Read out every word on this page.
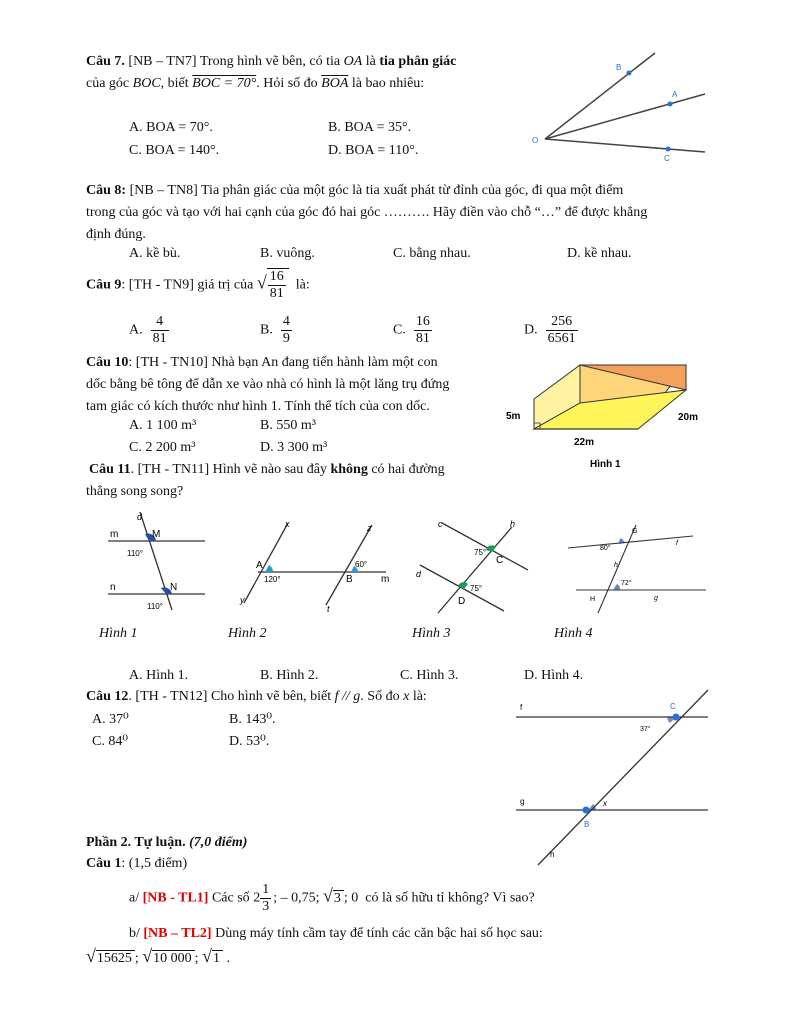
Câu 7. [NB – TN7] Trong hình vẽ bên, có tia OA là tia phân giác
của góc BOC, biết BOC = 70°. Hỏi số đo $\overline{BOA}$ là bao nhiêu:
A. BOA = 70°.	B. BOA = 35°.
C. BOA = 140°.	D. BOA = 110°.
B
A
O
C
Câu 8: [NB – TN8] Tia phân giác của một góc là tia xuất phát từ đỉnh của góc, đi qua một điểm
trong của góc và tạo với hai cạnh của góc đó hai góc ………. Hãy điền vào chỗ “…” để được khẳng
định đúng.
A. kề bù.	B. vuông.	C. bằng nhau.	D. kề nhau.
Câu 9: [TH - TN9] giá trị của √ $\frac{16}{81}$ là:
A. $\frac{4}{81}$	B. $\frac{4}{9}$	C. $\frac{16}{81}$	D. $\frac{256}{6561}$
Câu 10: [TH - TN10] Nhà bạn An đang tiến hành làm một con
dốc bằng bê tông để dẫn xe vào nhà có hình là một lăng trụ đứng
tam giác có kích thước như hình 1. Tính thể tích của con dốc.
A. 1 100 m³	B. 550 m³
C. 2 200 m³	D. 3 300 m³
5m	20m
22m
Hình 1
Câu 11. [TH - TN11] Hình vẽ nào sau đây không có hai đường
thẳng song song?
d
m	M
110°
n	N
110°
Hình 1
x	z
A	60°
120°	B	m
y
t
Hình 2
c	h
75°
C
d
75°
D
Hình 3
G
80°
f
h
72°
H	g
Hình 4
A. Hình 1.	B. Hình 2.	C. Hình 3.	D. Hình 4.
Câu 12. [TH - TN12] Cho hình vẽ bên, biết f // g. Số đo x là:
A. 37⁰	B. 143⁰.
C. 84⁰	D. 53⁰.
f	C
37°
g	x
B
h
Phần 2. Tự luận. (7,0 điểm)
Câu 1: (1,5 điểm)
a/ [NB - TL1] Các số $2 \frac{1}{3}$ ; – 0,75; √3 ; 0 có là số hữu tỉ không? Vì sao?
b/ [NB – TL2] Dùng máy tính cầm tay để tính các căn bậc hai số học sau:
√15625 ; √10 000 ; √1 .
